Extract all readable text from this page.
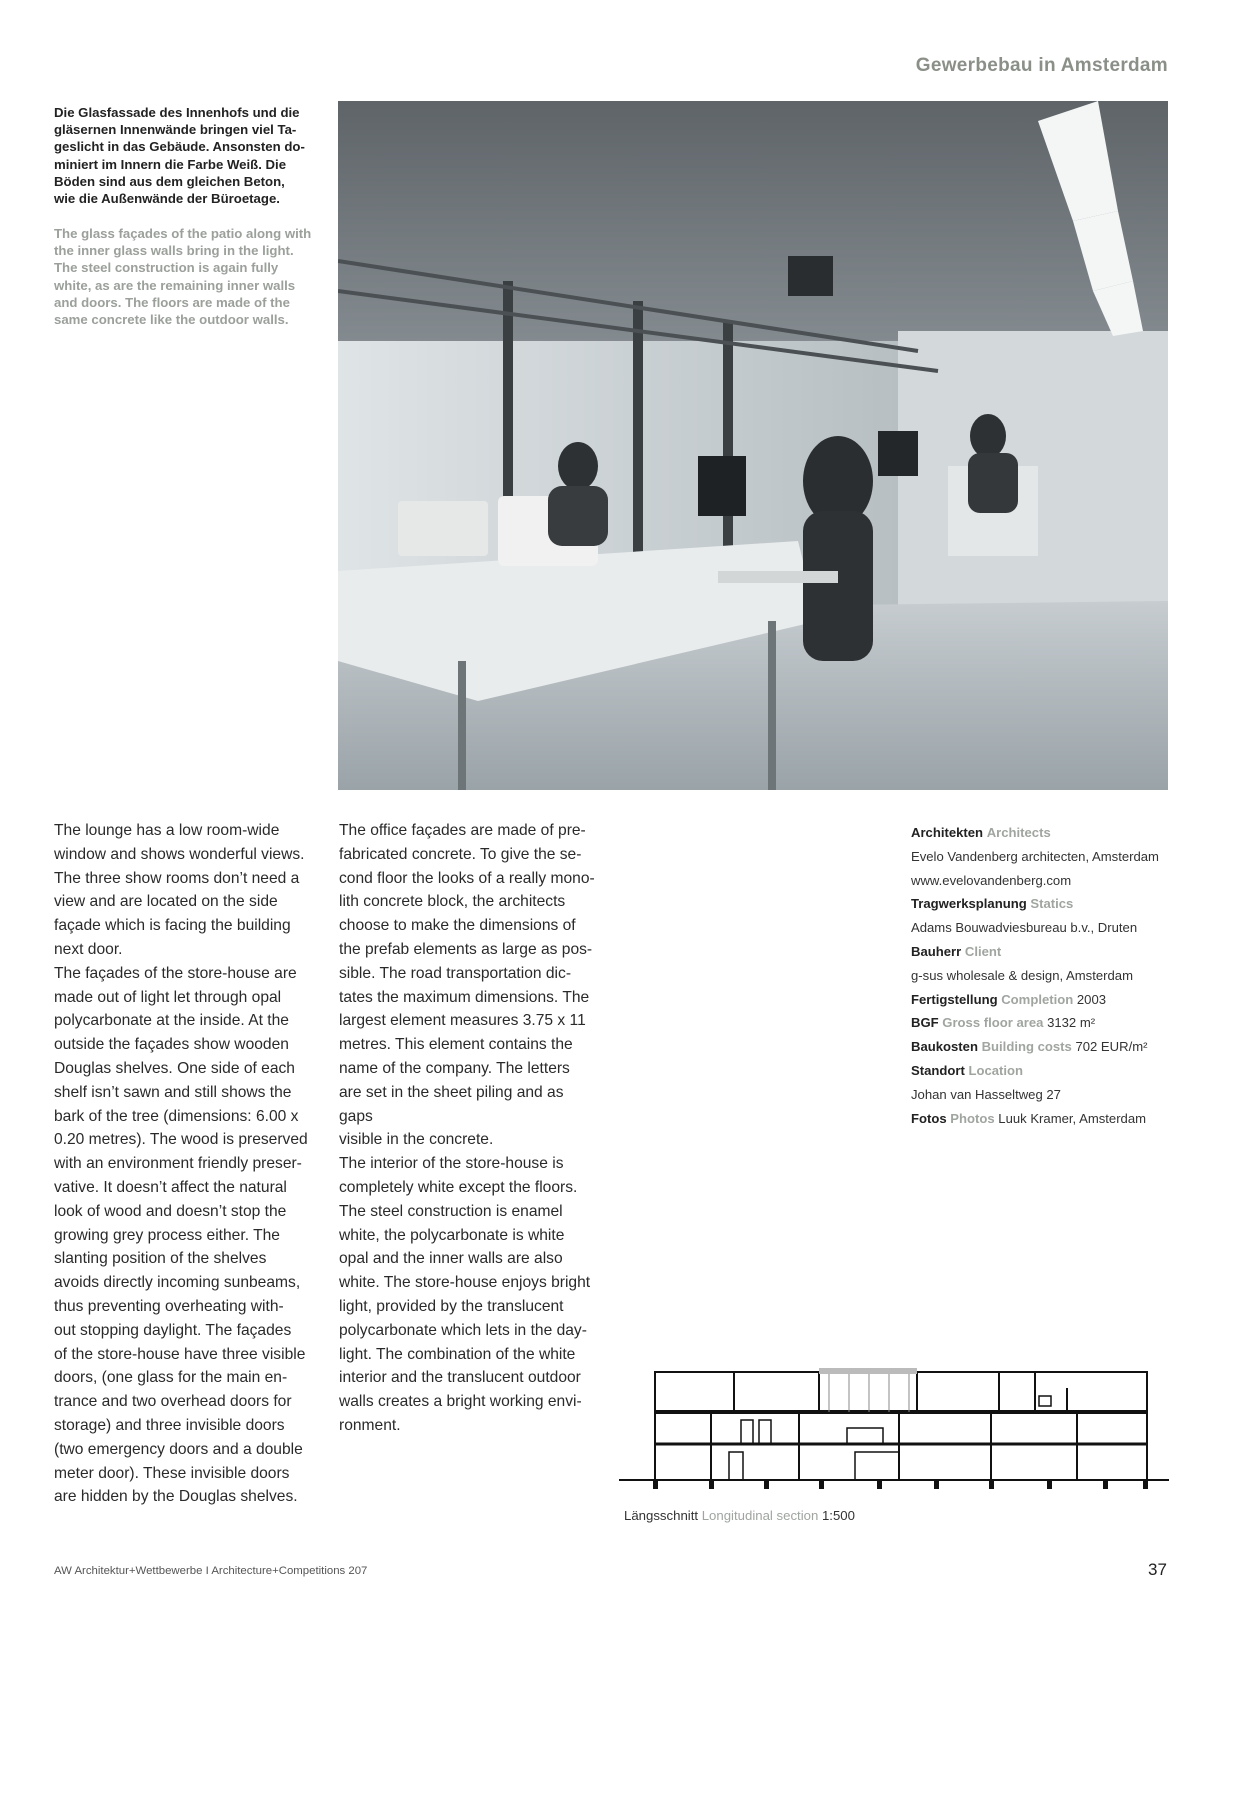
Gewerbebau in Amsterdam
Die Glasfassade des Innenhofs und die
gläsernen Innenwände bringen viel Ta-
geslicht in das Gebäude. Ansonsten do-
miniert im Innern die Farbe Weiß. Die
Böden sind aus dem gleichen Beton,
wie die Außenwände der Büroetage.
The glass façades of the patio along with
the inner glass walls bring in the light.
The steel construction is again fully
white, as are the remaining inner walls
and doors. The floors are made of the
same concrete like the outdoor walls.
The lounge has a low room-wide
window and shows wonderful views.
The three show rooms don’t need a
view and are located on the side
façade which is facing the building
next door.
The façades of the store-house are
made out of light let through opal
polycarbonate at the inside. At the
outside the façades show wooden
Douglas shelves. One side of each
shelf isn’t sawn and still shows the
bark of the tree (dimensions: 6.00 x
0.20 metres). The wood is preserved
with an environment friendly preser-
vative. It doesn’t affect the natural
look of wood and doesn’t stop the
growing grey process either. The
slanting position of the shelves
avoids directly incoming sunbeams,
thus preventing overheating with-
out stopping daylight. The façades
of the store-house have three visible
doors, (one glass for the main en-
trance and two overhead doors for
storage) and three invisible doors
(two emergency doors and a double
meter door). These invisible doors
are hidden by the Douglas shelves.
The office façades are made of pre-
fabricated concrete. To give the se-
cond floor the looks of a really mono-
lith concrete block, the architects
choose to make the dimensions of
the prefab elements as large as pos-
sible. The road transportation dic-
tates the maximum dimensions. The
largest element measures 3.75 x 11
metres. This element contains the
name of the company. The letters
are set in the sheet piling and as gaps
visible in the concrete.
The interior of the store-house is
completely white except the floors.
The steel construction is enamel
white, the polycarbonate is white
opal and the inner walls are also
white. The store-house enjoys bright
light, provided by the translucent
polycarbonate which lets in the day-
light. The combination of the white
interior and the translucent outdoor
walls creates a bright working envi-
ronment.
Architekten Architects
Evelo Vandenberg architecten, Amsterdam
www.evelovandenberg.com
Tragwerksplanung Statics
Adams Bouwadviesbureau b.v., Druten
Bauherr Client
g-sus wholesale & design, Amsterdam
Fertigstellung Completion 2003
BGF Gross floor area 3132 m²
Baukosten Building costs 702 EUR/m²
Standort Location
Johan van Hasseltweg 27
Fotos Photos Luuk Kramer, Amsterdam
Längsschnitt Longitudinal section 1:500
AW Architektur+Wettbewerbe I Architecture+Competitions 207	37
